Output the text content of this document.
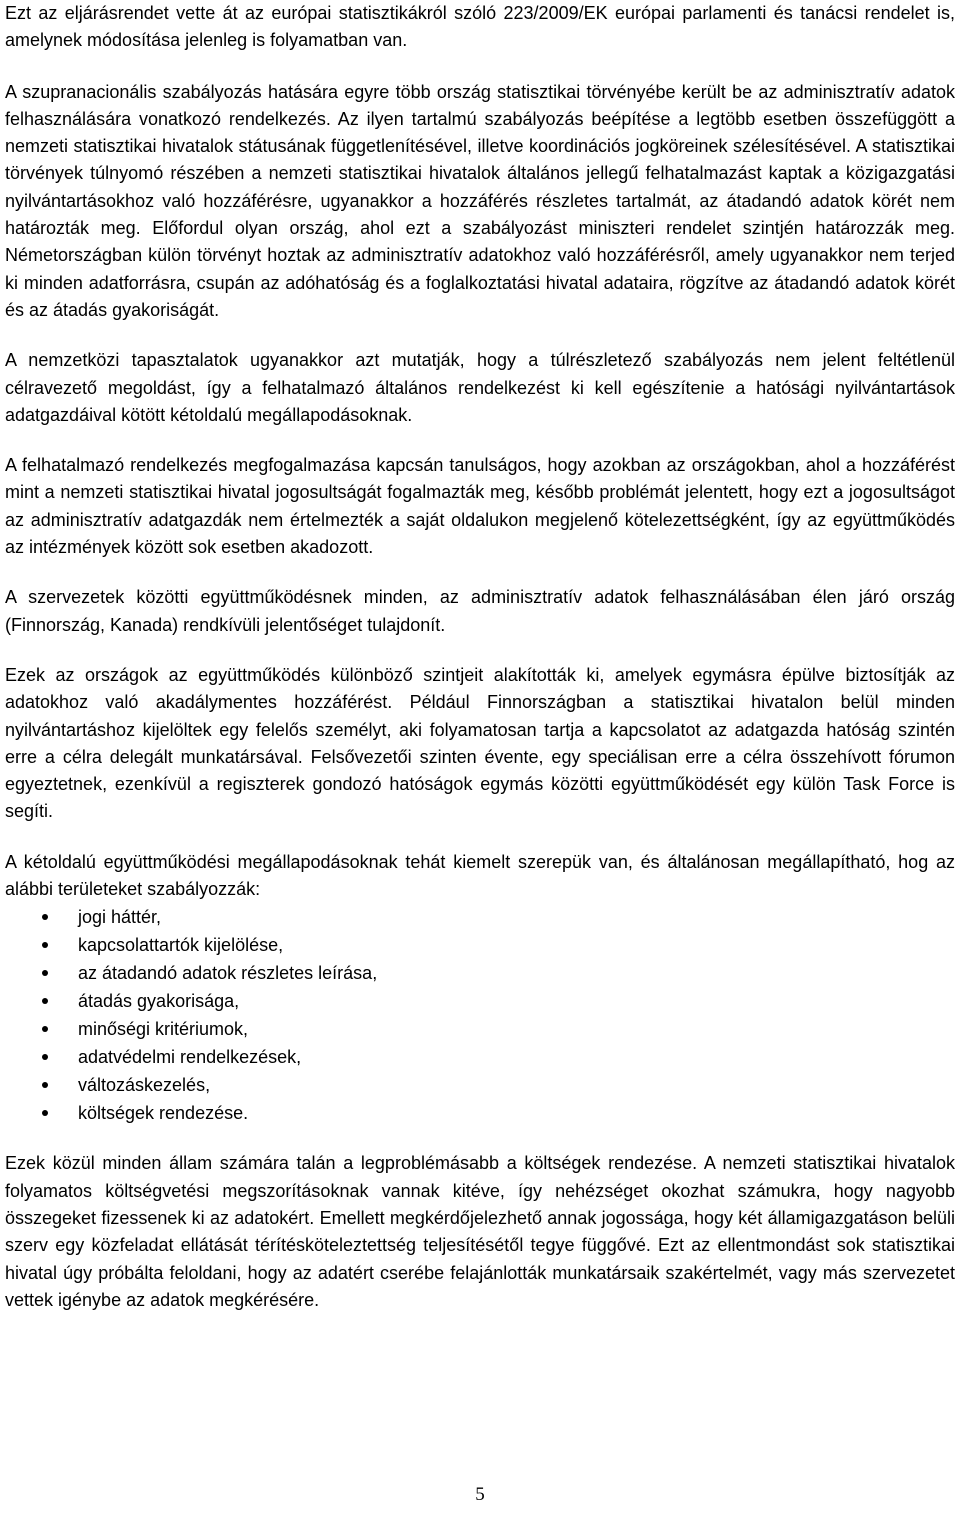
Ezt az eljárásrendet vette át az európai statisztikákról szóló 223/2009/EK európai parlamenti és tanácsi rendelet is, amelynek módosítása jelenleg is folyamatban van.

A szupranacionális szabályozás hatására egyre több ország statisztikai törvényébe került be az adminisztratív adatok felhasználására vonatkozó rendelkezés. Az ilyen tartalmú szabályozás beépítése a legtöbb esetben összefüggött a nemzeti statisztikai hivatalok státusának függetlenítésével, illetve koordinációs jogköreinek szélesítésével. A statisztikai törvények túlnyomó részében a nemzeti statisztikai hivatalok általános jellegű felhatalmazást kaptak a közigazgatási nyilvántartásokhoz való hozzáférésre, ugyanakkor a hozzáférés részletes tartalmát, az átadandó adatok körét nem határozták meg. Előfordul olyan ország, ahol ezt a szabályozást miniszteri rendelet szintjén határozzák meg. Németországban külön törvényt hoztak az adminisztratív adatokhoz való hozzáférésről, amely ugyanakkor nem terjed ki minden adatforrásra, csupán az adóhatóság és a foglalkoztatási hivatal adataira, rögzítve az átadandó adatok körét és az átadás gyakoriságát.

A nemzetközi tapasztalatok ugyanakkor azt mutatják, hogy a túlrészletező szabályozás nem jelent feltétlenül célravezető megoldást, így a felhatalmazó általános rendelkezést ki kell egészítenie a hatósági nyilvántartások adatgazdáival kötött kétoldalú megállapodásoknak.

A felhatalmazó rendelkezés megfogalmazása kapcsán tanulságos, hogy azokban az országokban, ahol a hozzáférést mint a nemzeti statisztikai hivatal jogosultságát fogalmazták meg, később problémát jelentett, hogy ezt a jogosultságot az adminisztratív adatgazdák nem értelmezték a saját oldalukon megjelenő kötelezettségként, így az együttműködés az intézmények között sok esetben akadozott.

A szervezetek közötti együttműködésnek minden, az adminisztratív adatok felhasználásában élen járó ország (Finnország, Kanada) rendkívüli jelentőséget tulajdonít.

Ezek az országok az együttműködés különböző szintjeit alakították ki, amelyek egymásra épülve biztosítják az adatokhoz való akadálymentes hozzáférést. Például Finnországban a statisztikai hivatalon belül minden nyilvántartáshoz kijelöltek egy felelős személyt, aki folyamatosan tartja a kapcsolatot az adatgazda hatóság szintén erre a célra delegált munkatársával. Felsővezetői szinten évente, egy speciálisan erre a célra összehívott fórumon egyeztetnek, ezenkívül a regiszterek gondozó hatóságok egymás közötti együttműködését egy külön Task Force is segíti.

A kétoldalú együttműködési megállapodásoknak tehát kiemelt szerepük van, és általánosan megállapítható, hog az alábbi területeket szabályozzák:

jogi háttér,
kapcsolattartók kijelölése,
az átadandó adatok részletes leírása,
átadás gyakorisága,
minőségi kritériumok,
adatvédelmi rendelkezések,
változáskezelés,
költségek rendezése.

Ezek közül minden állam számára talán a legproblémásabb a költségek rendezése. A nemzeti statisztikai hivatalok folyamatos költségvetési megszorításoknak vannak kitéve, így nehézséget okozhat számukra, hogy nagyobb összegeket fizessenek ki az adatokért. Emellett megkérdőjelezhető annak jogossága, hogy két államigazgatáson belüli szerv egy közfeladat ellátását térítésköteleztettség teljesítésétől tegye függővé. Ezt az ellentmondást sok statisztikai hivatal úgy próbálta feloldani, hogy az adatért cserébe felajánlották munkatársaik szakértelmét, vagy más szervezetet vettek igénybe az adatok megkérésére.

5
